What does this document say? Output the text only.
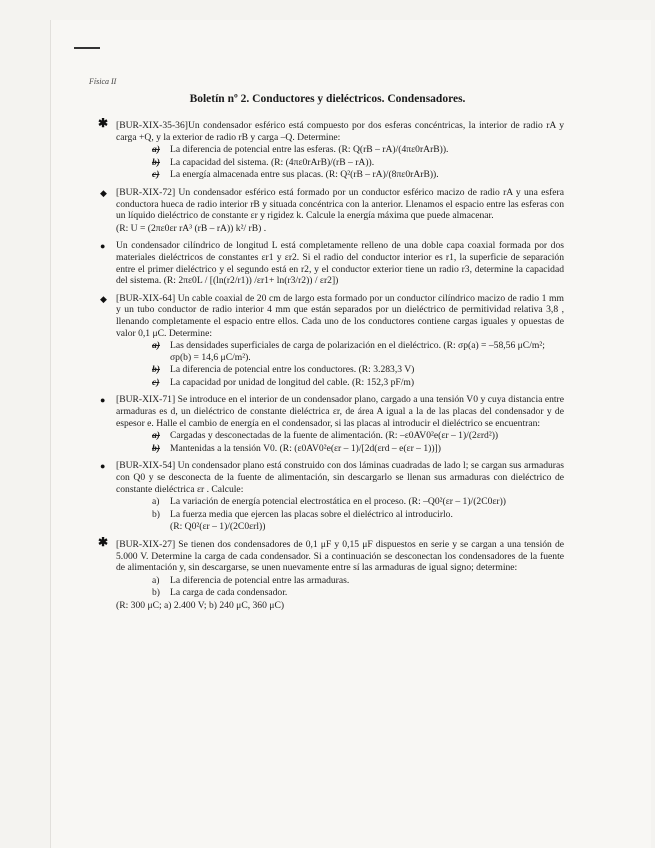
Física II
Boletín nº 2. Conductores y dieléctricos. Condensadores.
✱ [BUR-XIX-35-36]Un condensador esférico está compuesto por dos esferas concéntricas, la interior de radio rA y carga +Q, y la exterior de radio rB y carga –Q. Determine:
a) La diferencia de potencial entre las esferas. (R: Q(rB – rA)/(4πε0rArB)).
b) La capacidad del sistema. (R: (4πε0rArB)/(rB – rA)).
c) La energía almacenada entre sus placas. (R: Q²(rB – rA)/(8πε0rArB)).
◆ [BUR-XIX-72] Un condensador esférico está formado por un conductor esférico macizo de radio rA y una esfera conductora hueca de radio interior rB y situada concéntrica con la anterior. Llenamos el espacio entre las esferas con un líquido dieléctrico de constante εr y rigidez k. Calcule la energía máxima que puede almacenar.
(R: U = (2πε0εr rA³ (rB – rA)) k²/ rB) .
● Un condensador cilíndrico de longitud L está completamente relleno de una doble capa coaxial formada por dos materiales dieléctricos de constantes εr1 y εr2. Si el radio del conductor interior es r1, la superficie de separación entre el primer dieléctrico y el segundo está en r2, y el conductor exterior tiene un radio r3, determine la capacidad del sistema. (R: 2πε0L / [(ln(r2/r1)) /εr1+ ln(r3/r2)) / εr2])
◆ [BUR-XIX-64] Un cable coaxial de 20 cm de largo esta formado por un conductor cilíndrico macizo de radio 1 mm y un tubo conductor de radio interior 4 mm que están separados por un dieléctrico de permitividad relativa 3,8 , llenando completamente el espacio entre ellos. Cada uno de los conductores contiene cargas iguales y opuestas de valor 0,1 μC. Determine:
a) Las densidades superficiales de carga de polarización en el dieléctrico. (R: σp(a) = –58,56 μC/m²; σp(b) = 14,6 μC/m²).
b) La diferencia de potencial entre los conductores. (R: 3.283,3 V)
c) La capacidad por unidad de longitud del cable. (R: 152,3 pF/m)
● [BUR-XIX-71] Se introduce en el interior de un condensador plano, cargado a una tensión V0 y cuya distancia entre armaduras es d, un dieléctrico de constante dieléctrica εr, de área A igual a la de las placas del condensador y de espesor e. Halle el cambio de energía en el condensador, si las placas al introducir el dieléctrico se encuentran:
a) Cargadas y desconectadas de la fuente de alimentación. (R: –ε0AV0²e(εr – 1)/(2εrd²))
b) Mantenidas a la tensión V0. (R: (ε0AV0²e(εr – 1)/[2d(εrd – e(εr – 1))])
● [BUR-XIX-54] Un condensador plano está construido con dos láminas cuadradas de lado l; se cargan sus armaduras con Q0 y se desconecta de la fuente de alimentación, sin descargarlo se llenan sus armaduras con dieléctrico de constante dieléctrica εr . Calcule:
a) La variación de energía potencial electrostática en el proceso. (R: –Q0²(εr – 1)/(2C0εr))
b) La fuerza media que ejercen las placas sobre el dieléctrico al introducirlo.
(R: Q0²(εr – 1)/(2C0εrl))
✱ [BUR-XIX-27] Se tienen dos condensadores de 0,1 μF y 0,15 μF dispuestos en serie y se cargan a una tensión de 5.000 V. Determine la carga de cada condensador. Si a continuación se desconectan los condensadores de la fuente de alimentación y, sin descargarse, se unen nuevamente entre sí las armaduras de igual signo; determine:
a) La diferencia de potencial entre las armaduras.
b) La carga de cada condensador.
(R: 300 μC; a) 2.400 V; b) 240 μC, 360 μC)
